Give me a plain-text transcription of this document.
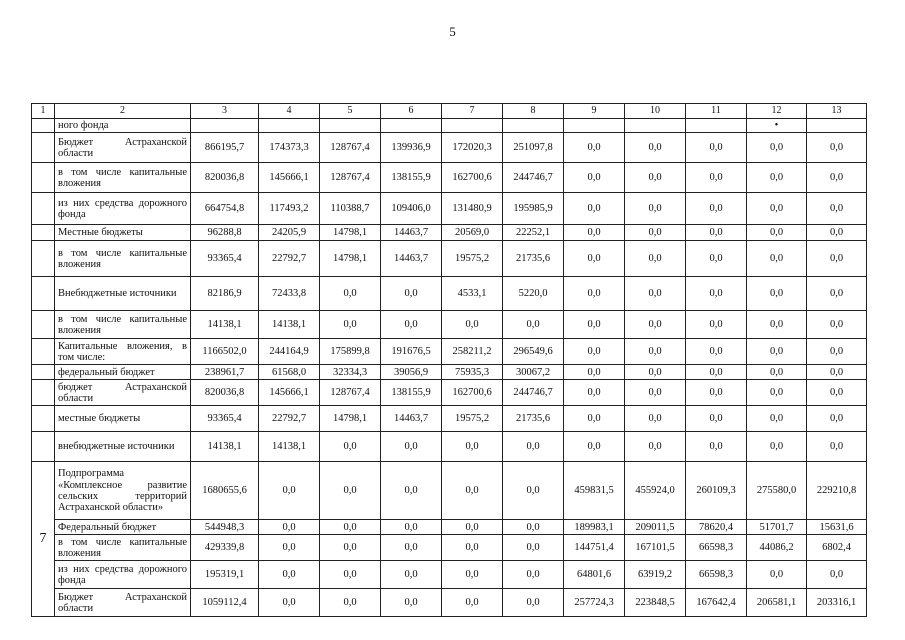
5
1	2	3	4	5	6	7	8	9	10	11	12	13
	ного фонда										•	
	Бюджет Астраханской области	866195,7	174373,3	128767,4	139936,9	172020,3	251097,8	0,0	0,0	0,0	0,0	0,0
	в том числе капитальные вложения	820036,8	145666,1	128767,4	138155,9	162700,6	244746,7	0,0	0,0	0,0	0,0	0,0
	из них средства дорожного фонда	664754,8	117493,2	110388,7	109406,0	131480,9	195985,9	0,0	0,0	0,0	0,0	0,0
	Местные бюджеты	96288,8	24205,9	14798,1	14463,7	20569,0	22252,1	0,0	0,0	0,0	0,0	0,0
	в том числе капитальные вложения	93365,4	22792,7	14798,1	14463,7	19575,2	21735,6	0,0	0,0	0,0	0,0	0,0
	Внебюджетные источники	82186,9	72433,8	0,0	0,0	4533,1	5220,0	0,0	0,0	0,0	0,0	0,0
	в том числе капитальные вложения	14138,1	14138,1	0,0	0,0	0,0	0,0	0,0	0,0	0,0	0,0	0,0
	Капитальные вложения, в том числе:	1166502,0	244164,9	175899,8	191676,5	258211,2	296549,6	0,0	0,0	0,0	0,0	0,0
	федеральный бюджет	238961,7	61568,0	32334,3	39056,9	75935,3	30067,2	0,0	0,0	0,0	0,0	0,0
	бюджет Астраханской области	820036,8	145666,1	128767,4	138155,9	162700,6	244746,7	0,0	0,0	0,0	0,0	0,0
	местные бюджеты	93365,4	22792,7	14798,1	14463,7	19575,2	21735,6	0,0	0,0	0,0	0,0	0,0
	внебюджетные источники	14138,1	14138,1	0,0	0,0	0,0	0,0	0,0	0,0	0,0	0,0	0,0
7	Подпрограмма «Комплексное развитие сельских территорий Астраханской области»	1680655,6	0,0	0,0	0,0	0,0	0,0	459831,5	455924,0	260109,3	275580,0	229210,8
	Федеральный бюджет	544948,3	0,0	0,0	0,0	0,0	0,0	189983,1	209011,5	78620,4	51701,7	15631,6
	в том числе капитальные вложения	429339,8	0,0	0,0	0,0	0,0	0,0	144751,4	167101,5	66598,3	44086,2	6802,4
	из них средства дорожного фонда	195319,1	0,0	0,0	0,0	0,0	0,0	64801,6	63919,2	66598,3	0,0	0,0
	Бюджет Астраханской области	1059112,4	0,0	0,0	0,0	0,0	0,0	257724,3	223848,5	167642,4	206581,1	203316,1
